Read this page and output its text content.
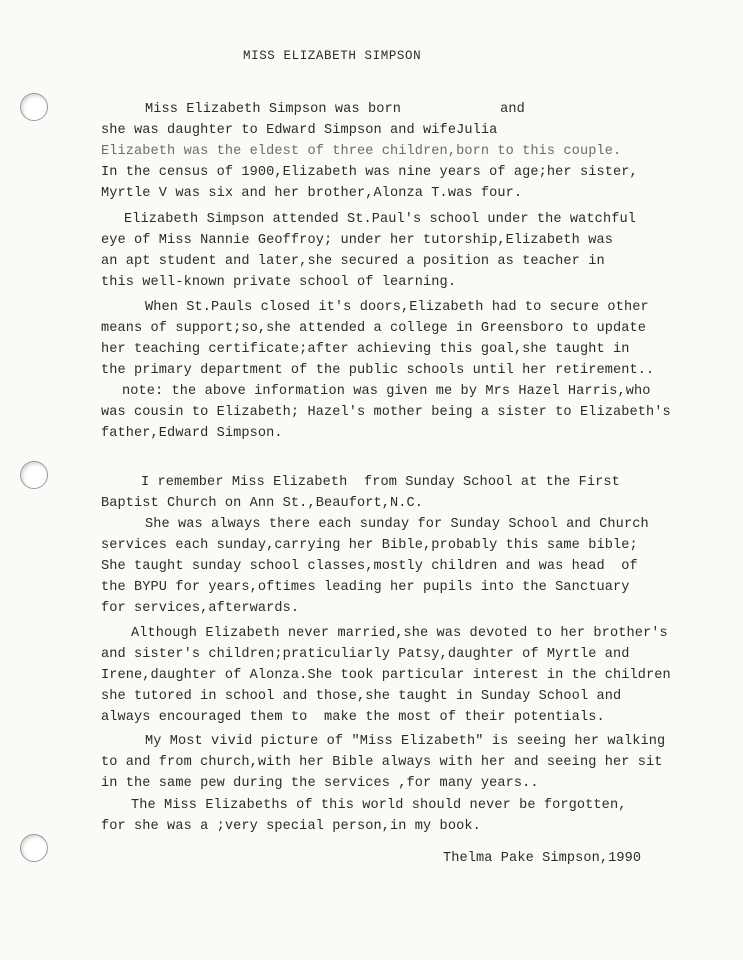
MISS ELIZABETH SIMPSON
Miss Elizabeth Simpson was born            and
she was daughter to Edward Simpson and wifeJulia
Elizabeth was the eldest of three children,born to this couple.
In the census of 1900,Elizabeth was nine years of age;her sister,
Myrtle V was six and her brother,Alonza T.was four.
Elizabeth Simpson attended St.Paul's school under the watchful
eye of Miss Nannie Geoffroy; under her tutorship,Elizabeth was
an apt student and later,she secured a position as teacher in
this well-known private school of learning.
When St.Pauls closed it's doors,Elizabeth had to secure other
means of support;so,she attended a college in Greensboro to update
her teaching certificate;after achieving this goal,she taught in
the primary department of the public schools until her retirement..
note: the above information was given me by Mrs Hazel Harris,who
was cousin to Elizabeth; Hazel's mother being a sister to Elizabeth's
father,Edward Simpson.
I remember Miss Elizabeth  from Sunday School at the First
Baptist Church on Ann St.,Beaufort,N.C.
She was always there each sunday for Sunday School and Church
services each sunday,carrying her Bible,probably this same bible;
She taught sunday school classes,mostly children and was head  of
the BYPU for years,oftimes leading her pupils into the Sanctuary
for services,afterwards.
Although Elizabeth never married,she was devoted to her brother's
and sister's children;praticuliarly Patsy,daughter of Myrtle and
Irene,daughter of Alonza.She took particular interest in the children
she tutored in school and those,she taught in Sunday School and
always encouraged them to  make the most of their potentials.
My Most vivid picture of "Miss Elizabeth" is seeing her walking
to and from church,with her Bible always with her and seeing her sit
in the same pew during the services ,for many years..
The Miss Elizabeths of this world should never be forgotten,
for she was a ;very special person,in my book.
Thelma Pake Simpson,1990
